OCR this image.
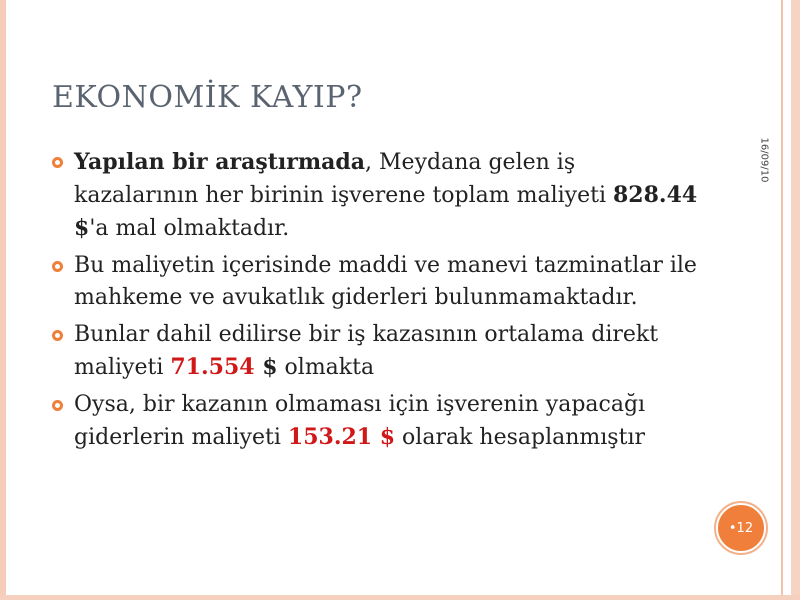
EKONOMİK KAYIP?
16/09/10
Yapılan bir araştırmada, Meydana gelen iş kazalarının her birinin işverene toplam maliyeti 828.44 $'a mal olmaktadır.
Bu maliyetin içerisinde maddi ve manevi tazminatlar ile mahkeme ve avukatlık giderleri bulunmamaktadır.
Bunlar dahil edilirse bir iş kazasının ortalama direkt maliyeti 71.554 $ olmakta
Oysa, bir kazanın olmaması için işverenin yapacağı giderlerin maliyeti 153.21 $ olarak hesaplanmıştır
•12
